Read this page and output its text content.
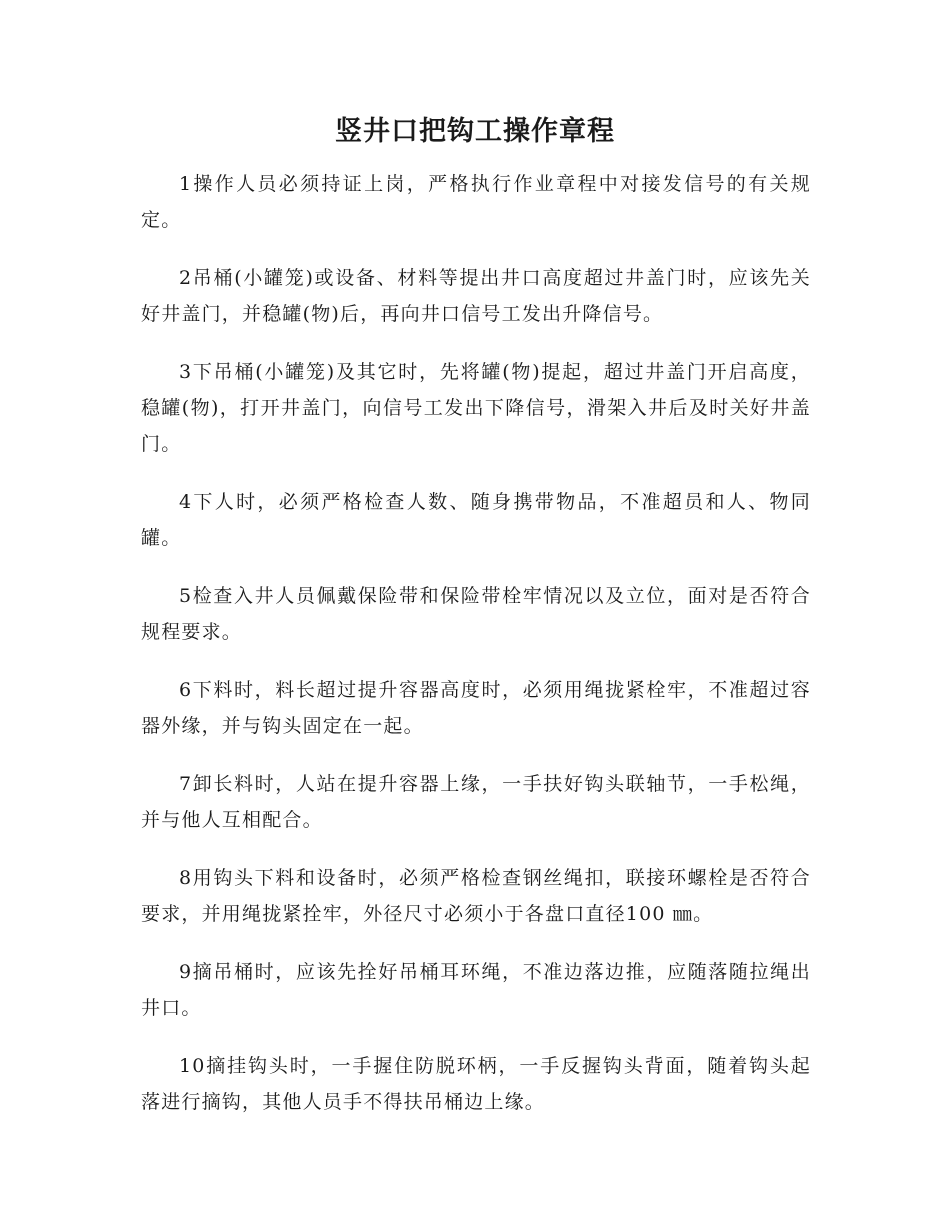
竖井口把钩工操作章程

1操作人员必须持证上岗，严格执行作业章程中对接发信号的有关规定。

2吊桶(小罐笼)或设备、材料等提出井口高度超过井盖门时，应该先关好井盖门，并稳罐(物)后，再向井口信号工发出升降信号。

3下吊桶(小罐笼)及其它时，先将罐(物)提起，超过井盖门开启高度，稳罐(物)，打开井盖门，向信号工发出下降信号，滑架入井后及时关好井盖门。

4下人时，必须严格检查人数、随身携带物品，不准超员和人、物同罐。

5检查入井人员佩戴保险带和保险带栓牢情况以及立位，面对是否符合规程要求。

6下料时，料长超过提升容器高度时，必须用绳拢紧栓牢，不准超过容器外缘，并与钩头固定在一起。

7卸长料时，人站在提升容器上缘，一手扶好钩头联轴节，一手松绳，并与他人互相配合。

8用钩头下料和设备时，必须严格检查钢丝绳扣，联接环螺栓是否符合要求，并用绳拢紧拴牢，外径尺寸必须小于各盘口直径100 ㎜。

9摘吊桶时，应该先拴好吊桶耳环绳，不准边落边推，应随落随拉绳出井口。

10摘挂钩头时，一手握住防脱环柄，一手反握钩头背面，随着钩头起落进行摘钩，其他人员手不得扶吊桶边上缘。
